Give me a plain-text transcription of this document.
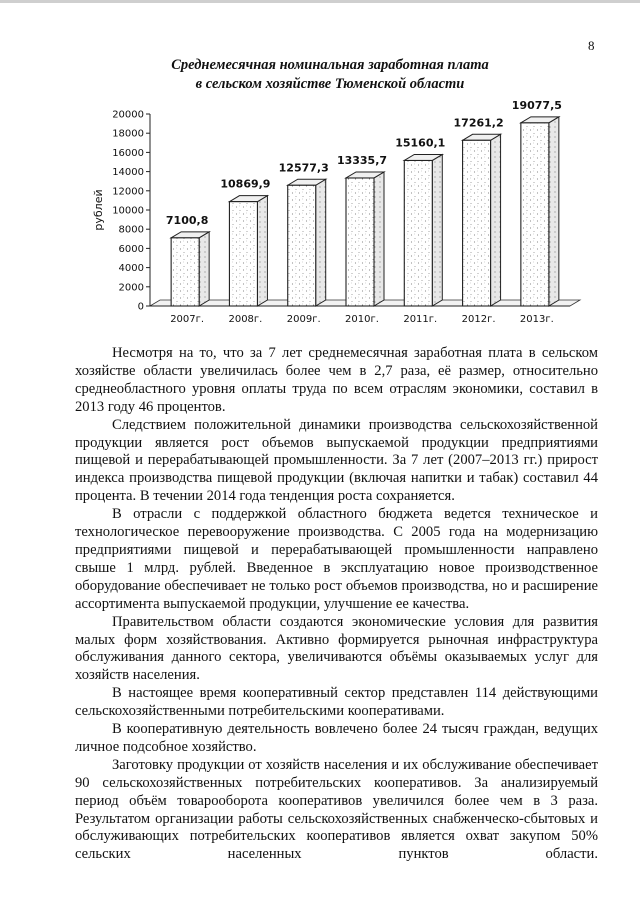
8
Среднемесячная номинальная заработная плата
в сельском хозяйстве Тюменской области
0
2000
4000
6000
8000
10000
12000
14000
16000
18000
20000
рублей	7100,8
2007г.
10869,9
2008г.
12577,3
2009г.
13335,7
2010г.
15160,1
2011г.
17261,2
2012г.
19077,5
2013г.

Несмотря на то, что за 7 лет среднемесячная заработная плата в сельском хозяйстве области увеличилась более чем в 2,7 раза, её размер, относительно среднеобластного уровня оплаты труда по всем отраслям экономики, составил в 2013 году 46 процентов.

Следствием положительной динамики производства сельскохозяйственной продукции является рост объемов выпускаемой продукции предприятиями пищевой и перерабатывающей промышленности. За 7 лет (2007–2013 гг.) прирост индекса производства пищевой продукции (включая напитки и табак) составил 44 процента. В течении 2014 года тенденция роста сохраняется.

В отрасли с поддержкой областного бюджета ведется техническое и технологическое перевооружение производства. С 2005 года на модернизацию предприятиями пищевой и перерабатывающей промышленности направлено свыше 1 млрд. рублей. Введенное в эксплуатацию новое производственное оборудование обеспечивает не только рост объемов производства, но и расширение ассортимента выпускаемой продукции, улучшение ее качества.

Правительством области создаются экономические условия для развития малых форм хозяйствования. Активно формируется рыночная инфраструктура обслуживания данного сектора, увеличиваются объёмы оказываемых услуг для хозяйств населения.

В настоящее время кооперативный сектор представлен 114 действующими сельскохозяйственными потребительскими кооперативами.

В кооперативную деятельность вовлечено более 24 тысяч граждан, ведущих личное подсобное хозяйство.

Заготовку продукции от хозяйств населения и их обслуживание обеспечивает 90 сельскохозяйственных потребительских кооперативов. За анализируемый период объём товарооборота кооперативов увеличился более чем в 3 раза. Результатом организации работы сельскохозяйственных снабженческо-сбытовых и обслуживающих потребительских кооперативов является охват закупом 50% сельских населенных пунктов области.
